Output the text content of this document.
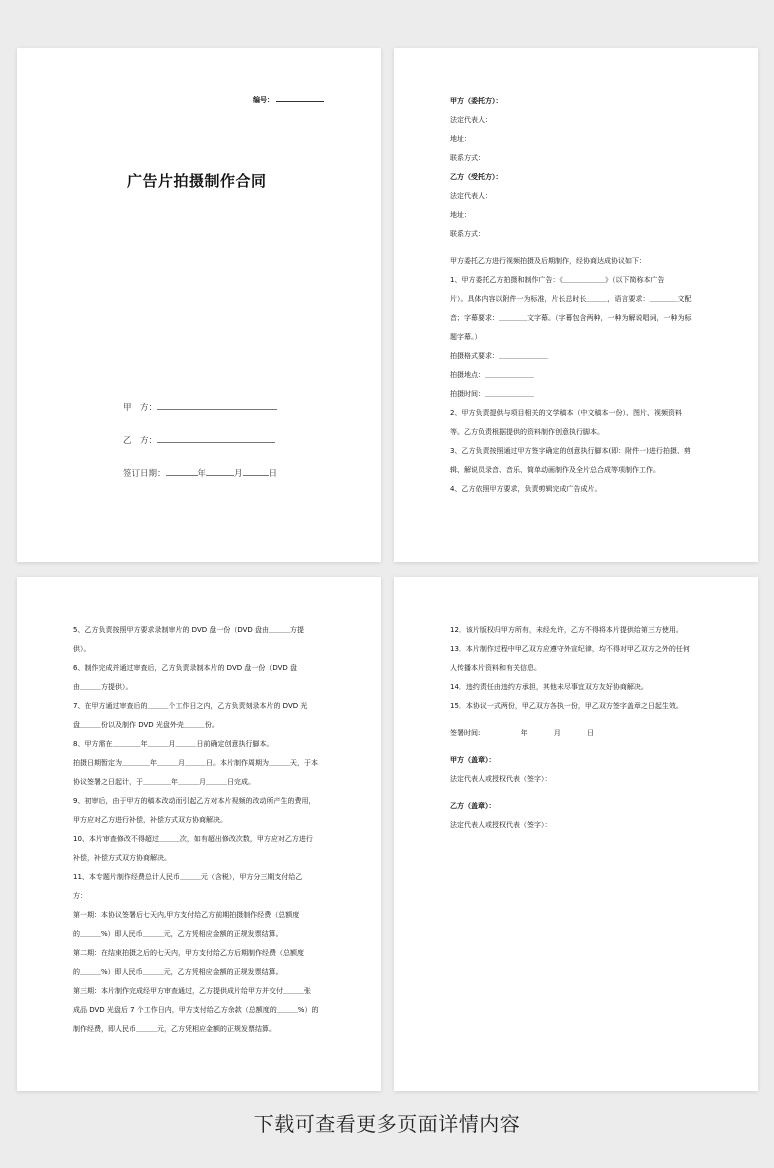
编号：
广告片拍摄制作合同
甲　方：
乙　方：
签订日期：	年	月	日
甲方（委托方）：
法定代表人：
地址：
联系方式：
乙方（受托方）：
法定代表人：
地址：
联系方式：
甲方委托乙方进行视频拍摄及后期制作，经协商达成协议如下：
1、甲方委托乙方拍摄和制作广告：《＿＿＿＿＿＿》（以下简称本广告
片）。具体内容以附件一为标准，片长总时长＿＿＿，语言要求：＿＿＿＿文配
音；字幕要求：＿＿＿＿文字幕。（字幕包含两种，一种为解说唱词，一种为标
题字幕。）
拍摄格式要求：＿＿＿＿＿＿＿
拍摄地点：＿＿＿＿＿＿＿
拍摄时间：＿＿＿＿＿＿＿
2、甲方负责提供与项目相关的文学稿本（中文稿本一份）、图片、视频资料
等。乙方负责根据提供的资料制作创意执行脚本。
3、乙方负责按照通过甲方签字确定的创意执行脚本(即：附件一)进行拍摄、剪
辑、解说员录音、音乐、简单动画制作及全片总合成等项制作工作。
4、乙方依照甲方要求，负责剪辑完成广告成片。
5、乙方负责按照甲方要求录制审片的 DVD 盘一份（DVD 盘由＿＿＿方提
供）。
6、制作完成并通过审查后，乙方负责录制本片的 DVD 盘一份（DVD 盘
由＿＿＿方提供）。
7、在甲方通过审查后的＿＿＿个工作日之内，乙方负责刻录本片的 DVD 光
盘＿＿＿份以及制作 DVD 光盘外壳＿＿＿份。
8、甲方需在＿＿＿＿年＿＿＿月＿＿＿日前确定创意执行脚本。
拍摄日期暂定为＿＿＿＿年＿＿＿月＿＿＿日。本片制作周期为＿＿＿天，于本
协议签署之日起计，于＿＿＿＿年＿＿＿月＿＿＿日完成。
9、初审后，由于甲方的稿本改动而引起乙方对本片视频的改动所产生的费用，
甲方应对乙方进行补偿，补偿方式双方协商解决。
10、本片审查修改不得超过＿＿＿次，如有超出修改次数，甲方应对乙方进行
补偿，补偿方式双方协商解决。
11、本专题片制作经费总计人民币＿＿＿元（含税），甲方分三期支付给乙
方：
第一期：本协议签署后七天内,甲方支付给乙方前期拍摄制作经费（总额度
的＿＿＿%）即人民币＿＿＿元，乙方凭相应金额的正规发票结算。
第二期：在结束拍摄之后的七天内，甲方支付给乙方后期制作经费（总额度
的＿＿＿%）即人民币＿＿＿元，乙方凭相应金额的正规发票结算。
第三期：本片制作完成经甲方审查通过，乙方提供成片给甲方并交付＿＿＿张
成品 DVD 光盘后 7 个工作日内，甲方支付给乙方余款（总额度的＿＿＿%）的
制作经费，即人民币＿＿＿元，乙方凭相应金额的正规发票结算。
12．该片版权归甲方所有，未经允许，乙方不得将本片提供给第三方使用。
13．本片制作过程中甲乙双方应遵守外宣纪律，均不得对甲乙双方之外的任何
人传播本片资料和有关信息。
14．违约责任由违约方承担，其他未尽事宜双方友好协商解决。
15．本协议一式两份，甲乙双方各执一份，甲乙双方签字盖章之日起生效。
签署时间:	年	月	日
甲方（盖章）：
法定代表人或授权代表（签字）：
乙方（盖章）：
法定代表人或授权代表（签字）：
下载可查看更多页面详情内容
